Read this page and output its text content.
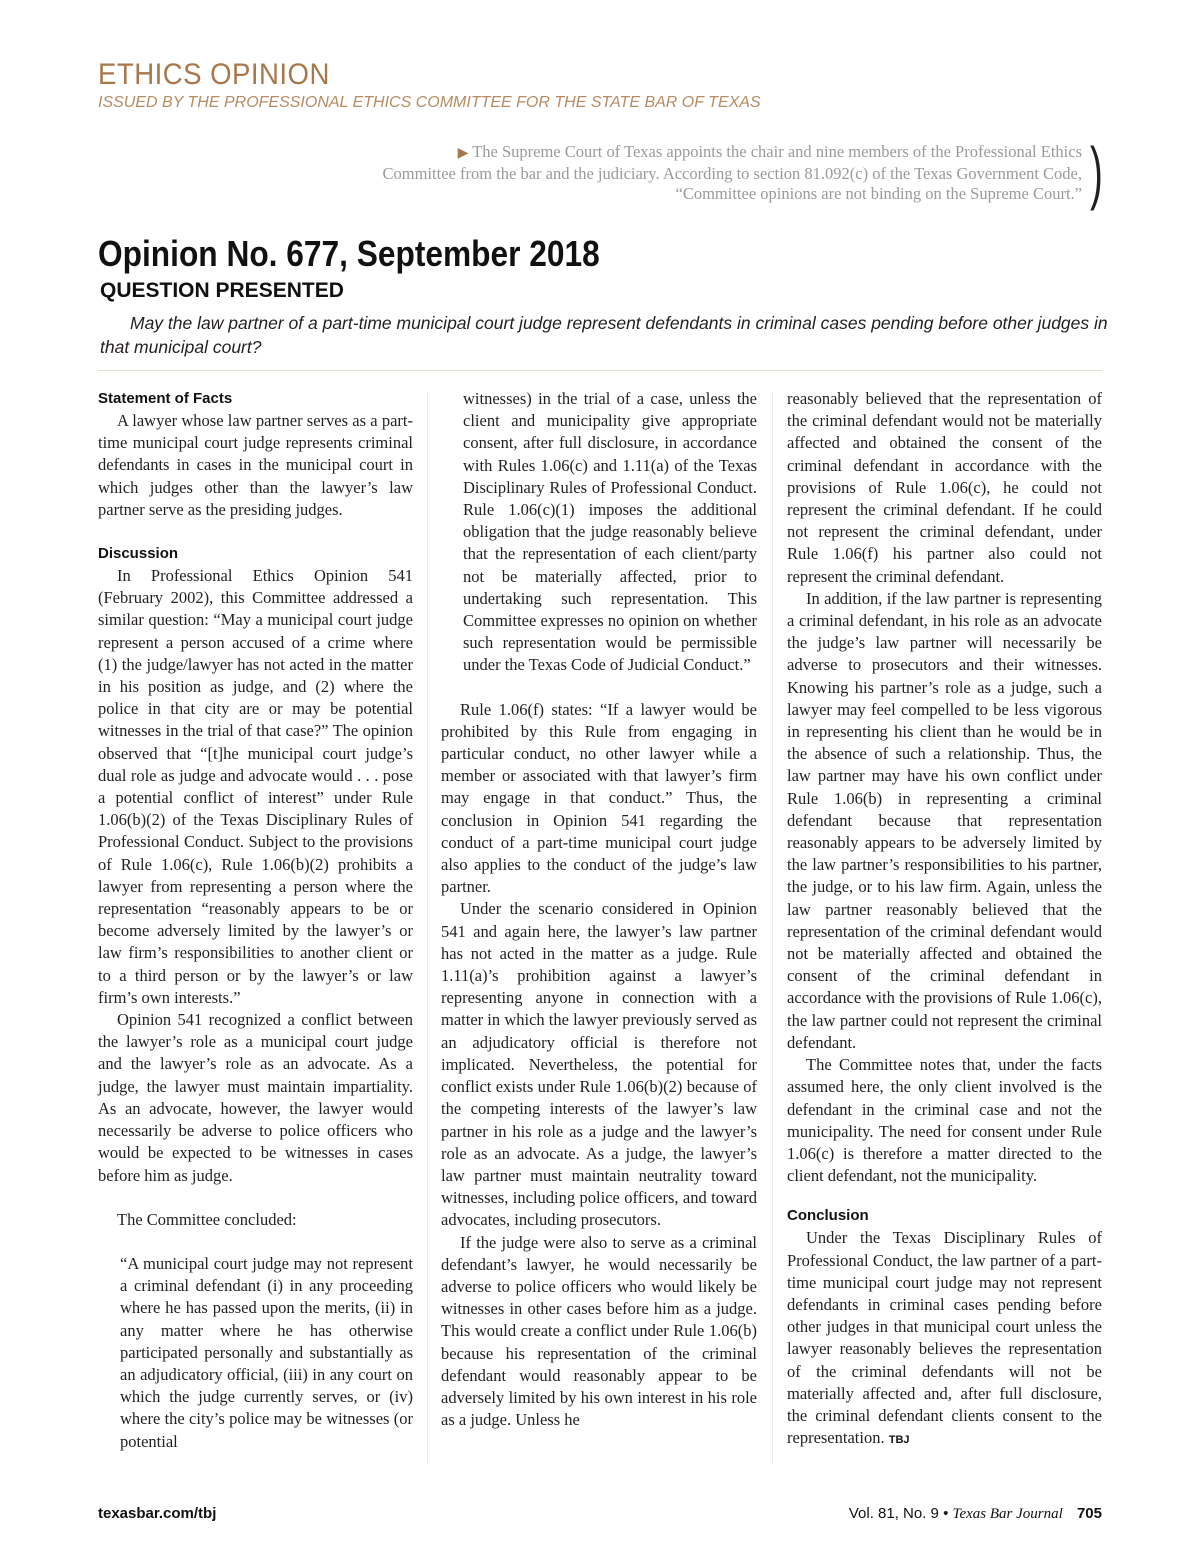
ETHICS OPINION
ISSUED BY THE PROFESSIONAL ETHICS COMMITTEE FOR THE STATE BAR OF TEXAS
▶ The Supreme Court of Texas appoints the chair and nine members of the Professional Ethics Committee from the bar and the judiciary. According to section 81.092(c) of the Texas Government Code, “Committee opinions are not binding on the Supreme Court.” )
Opinion No. 677, September 2018
QUESTION PRESENTED
May the law partner of a part-time municipal court judge represent defendants in criminal cases pending before other judges in that municipal court?
Statement of Facts

A lawyer whose law partner serves as a part-time municipal court judge represents criminal defendants in cases in the municipal court in which judges other than the lawyer’s law partner serve as the presiding judges.

Discussion

In Professional Ethics Opinion 541 (February 2002), this Committee addressed a similar question: “May a municipal court judge represent a person accused of a crime where (1) the judge/lawyer has not acted in the matter in his position as judge, and (2) where the police in that city are or may be potential witnesses in the trial of that case?” The opinion observed that “[t]he municipal court judge’s dual role as judge and advocate would . . . pose a potential conflict of interest” under Rule 1.06(b)(2) of the Texas Disciplinary Rules of Professional Conduct. Subject to the provisions of Rule 1.06(c), Rule 1.06(b)(2) prohibits a lawyer from representing a person where the representation “reasonably appears to be or become adversely limited by the lawyer’s or law firm’s responsibilities to another client or to a third person or by the lawyer’s or law firm’s own interests.”

Opinion 541 recognized a conflict between the lawyer’s role as a municipal court judge and the lawyer’s role as an advocate. As a judge, the lawyer must maintain impartiality. As an advocate, however, the lawyer would necessarily be adverse to police officers who would be expected to be witnesses in cases before him as judge.

The Committee concluded:

“A municipal court judge may not represent a criminal defendant (i) in any proceeding where he has passed upon the merits, (ii) in any matter where he has otherwise participated personally and substantially as an adjudicatory official, (iii) in any court on which the judge currently serves, or (iv) where the city’s police may be witnesses (or potential

witnesses) in the trial of a case, unless the client and municipality give appropriate consent, after full disclosure, in accordance with Rules 1.06(c) and 1.11(a) of the Texas Disciplinary Rules of Professional Conduct. Rule 1.06(c)(1) imposes the additional obligation that the judge reasonably believe that the representation of each client/party not be materially affected, prior to undertaking such representation. This Committee expresses no opinion on whether such representation would be permissible under the Texas Code of Judicial Conduct.”

Rule 1.06(f) states: “If a lawyer would be prohibited by this Rule from engaging in particular conduct, no other lawyer while a member or associated with that lawyer’s firm may engage in that conduct.” Thus, the conclusion in Opinion 541 regarding the conduct of a part-time municipal court judge also applies to the conduct of the judge’s law partner.

Under the scenario considered in Opinion 541 and again here, the lawyer’s law partner has not acted in the matter as a judge. Rule 1.11(a)’s prohibition against a lawyer’s representing anyone in connection with a matter in which the lawyer previously served as an adjudicatory official is therefore not implicated. Nevertheless, the potential for conflict exists under Rule 1.06(b)(2) because of the competing interests of the lawyer’s law partner in his role as a judge and the lawyer’s role as an advocate. As a judge, the lawyer’s law partner must maintain neutrality toward witnesses, including police officers, and toward advocates, including prosecutors.

If the judge were also to serve as a criminal defendant’s lawyer, he would necessarily be adverse to police officers who would likely be witnesses in other cases before him as a judge. This would create a conflict under Rule 1.06(b) because his representation of the criminal defendant would reasonably appear to be adversely limited by his own interest in his role as a judge. Unless he

reasonably believed that the representation of the criminal defendant would not be materially affected and obtained the consent of the criminal defendant in accordance with the provisions of Rule 1.06(c), he could not represent the criminal defendant. If he could not represent the criminal defendant, under Rule 1.06(f) his partner also could not represent the criminal defendant.

In addition, if the law partner is representing a criminal defendant, in his role as an advocate the judge’s law partner will necessarily be adverse to prosecutors and their witnesses. Knowing his partner’s role as a judge, such a lawyer may feel compelled to be less vigorous in representing his client than he would be in the absence of such a relationship. Thus, the law partner may have his own conflict under Rule 1.06(b) in representing a criminal defendant because that representation reasonably appears to be adversely limited by the law partner’s responsibilities to his partner, the judge, or to his law firm. Again, unless the law partner reasonably believed that the representation of the criminal defendant would not be materially affected and obtained the consent of the criminal defendant in accordance with the provisions of Rule 1.06(c), the law partner could not represent the criminal defendant.

The Committee notes that, under the facts assumed here, the only client involved is the defendant in the criminal case and not the municipality. The need for consent under Rule 1.06(c) is therefore a matter directed to the client defendant, not the municipality.

Conclusion

Under the Texas Disciplinary Rules of Professional Conduct, the law partner of a part-time municipal court judge may not represent defendants in criminal cases pending before other judges in that municipal court unless the lawyer reasonably believes the representation of the criminal defendants will not be materially affected and, after full disclosure, the criminal defendant clients consent to the representation. TBJ

texasbar.com/tbj	Vol. 81, No. 9 • Texas Bar Journal 705
